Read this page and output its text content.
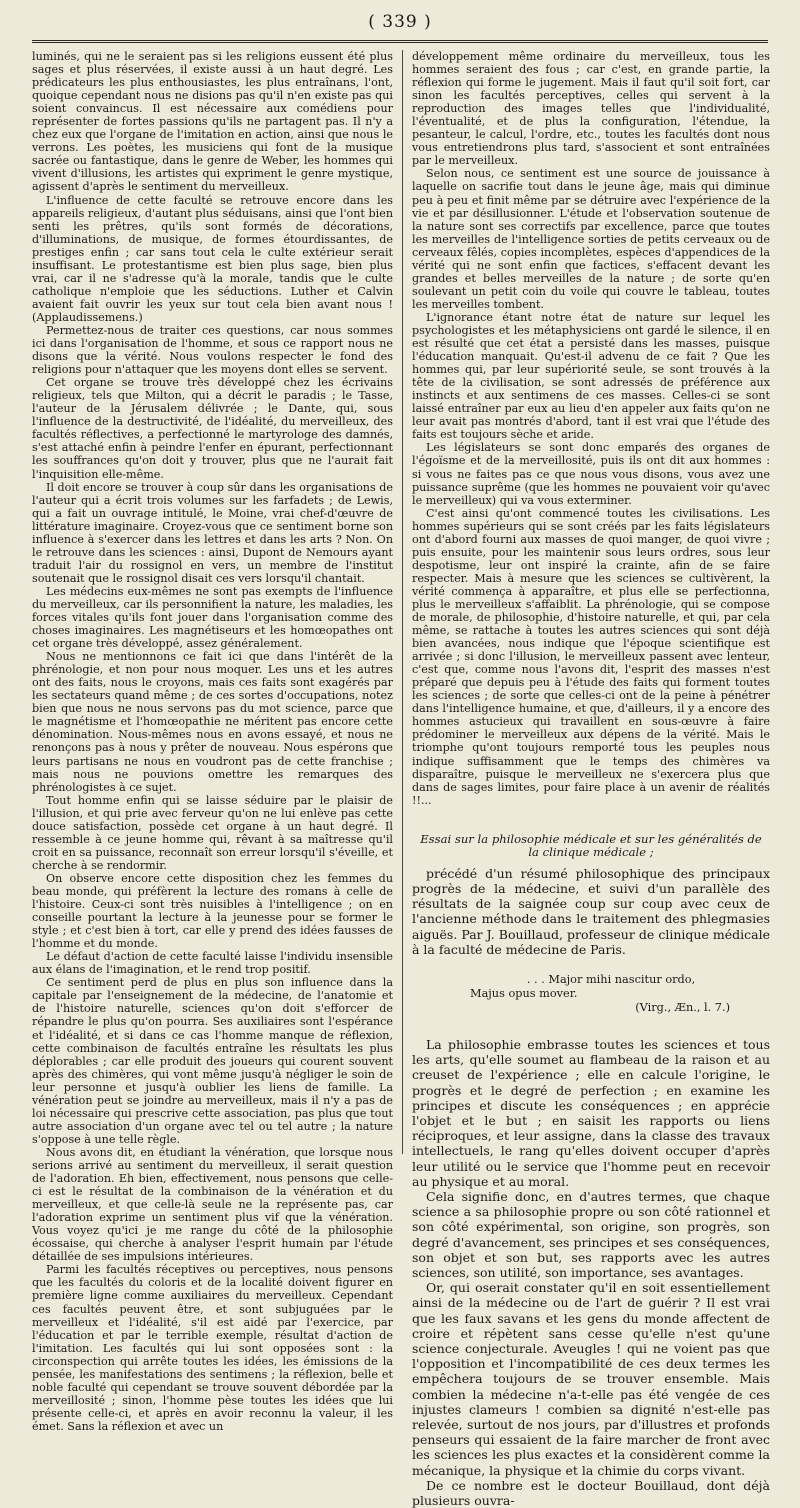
( 339 )

luminés, qui ne le seraient pas si les religions eussent été plus sages et plus réservées, il existe aussi à un haut degré. Les prédicateurs les plus enthousiastes, les plus entraînans, l'ont, quoique cependant nous ne disions pas qu'il n'en existe pas qui soient convaincus. Il est nécessaire aux comédiens pour représenter de fortes passions qu'ils ne partagent pas. Il n'y a chez eux que l'organe de l'imitation en action, ainsi que nous le verrons. Les poètes, les musiciens qui font de la musique sacrée ou fantastique, dans le genre de Weber, les hommes qui vivent d'illusions, les artistes qui expriment le genre mystique, agissent d'après le sentiment du merveilleux.

L'influence de cette faculté se retrouve encore dans les appareils religieux, d'autant plus séduisans, ainsi que l'ont bien senti les prêtres, qu'ils sont formés de décorations, d'illuminations, de musique, de formes étourdissantes, de prestiges enfin ; car sans tout cela le culte extérieur serait insuffisant. Le protestantisme est bien plus sage, bien plus vrai, car il ne s'adresse qu'à la morale, tandis que le culte catholique n'emploie que les séductions. Luther et Calvin avaient fait ouvrir les yeux sur tout cela bien avant nous ! (Applaudissemens.)

Permettez-nous de traiter ces questions, car nous sommes ici dans l'organisation de l'homme, et sous ce rapport nous ne disons que la vérité. Nous voulons respecter le fond des religions pour n'attaquer que les moyens dont elles se servent.

Cet organe se trouve très développé chez les écrivains religieux, tels que Milton, qui a décrit le paradis ; le Tasse, l'auteur de la Jérusalem délivrée ; le Dante, qui, sous l'influence de la destructivité, de l'idéalité, du merveilleux, des facultés réflectives, a perfectionné le martyrologe des damnés, s'est attaché enfin à peindre l'enfer en épurant, perfectionnant les souffrances qu'on doit y trouver, plus que ne l'aurait fait l'inquisition elle-même.

Il doit encore se trouver à coup sûr dans les organisations de l'auteur qui a écrit trois volumes sur les farfadets ; de Lewis, qui a fait un ouvrage intitulé, le Moine, vrai chef-d'œuvre de littérature imaginaire. Croyez-vous que ce sentiment borne son influence à s'exercer dans les lettres et dans les arts ? Non. On le retrouve dans les sciences : ainsi, Dupont de Nemours ayant traduit l'air du rossignol en vers, un membre de l'institut soutenait que le rossignol disait ces vers lorsqu'il chantait.

Les médecins eux-mêmes ne sont pas exempts de l'influence du merveilleux, car ils personnifient la nature, les maladies, les forces vitales qu'ils font jouer dans l'organisation comme des choses imaginaires. Les magnétiseurs et les homœopathes ont cet organe très développé, assez généralement.

Nous ne mentionnons ce fait ici que dans l'intérêt de la phrénologie, et non pour nous moquer. Les uns et les autres ont des faits, nous le croyons, mais ces faits sont exagérés par les sectateurs quand même ; de ces sortes d'occupations, notez bien que nous ne nous servons pas du mot science, parce que le magnétisme et l'homœopathie ne méritent pas encore cette dénomination. Nous-mêmes nous en avons essayé, et nous ne renonçons pas à nous y prêter de nouveau. Nous espérons que leurs partisans ne nous en voudront pas de cette franchise ; mais nous ne pouvions omettre les remarques des phrénologistes à ce sujet.

Tout homme enfin qui se laisse séduire par le plaisir de l'illusion, et qui prie avec ferveur qu'on ne lui enlève pas cette douce satisfaction, possède cet organe à un haut degré. Il ressemble à ce jeune homme qui, rêvant à sa maîtresse qu'il croit en sa puissance, reconnaît son erreur lorsqu'il s'éveille, et cherche à se rendormir.

On observe encore cette disposition chez les femmes du beau monde, qui préfèrent la lecture des romans à celle de l'histoire. Ceux-ci sont très nuisibles à l'intelligence ; on en conseille pourtant la lecture à la jeunesse pour se former le style ; et c'est bien à tort, car elle y prend des idées fausses de l'homme et du monde.

Le défaut d'action de cette faculté laisse l'individu insensible aux élans de l'imagination, et le rend trop positif.

Ce sentiment perd de plus en plus son influence dans la capitale par l'enseignement de la médecine, de l'anatomie et de l'histoire naturelle, sciences qu'on doit s'efforcer de répandre le plus qu'on pourra. Ses auxiliaires sont l'espérance et l'idéalité, et si dans ce cas l'homme manque de réflexion, cette combinaison de facultés entraîne les résultats les plus déplorables ; car elle produit des joueurs qui courent souvent après des chimères, qui vont même jusqu'à négliger le soin de leur personne et jusqu'à oublier les liens de famille. La vénération peut se joindre au merveilleux, mais il n'y a pas de loi nécessaire qui prescrive cette association, pas plus que tout autre association d'un organe avec tel ou tel autre ; la nature s'oppose à une telle règle.

Nous avons dit, en étudiant la vénération, que lorsque nous serions arrivé au sentiment du merveilleux, il serait question de l'adoration. Eh bien, effectivement, nous pensons que celle-ci est le résultat de la combinaison de la vénération et du merveilleux, et que celle-là seule ne la représente pas, car l'adoration exprime un sentiment plus vif que la vénération. Vous voyez qu'ici je me range du côté de la philosophie écossaise, qui cherche à analyser l'esprit humain par l'étude détaillée de ses impulsions intérieures.

Parmi les facultés réceptives ou perceptives, nous pensons que les facultés du coloris et de la localité doivent figurer en première ligne comme auxiliaires du merveilleux. Cependant ces facultés peuvent être, et sont subjuguées par le merveilleux et l'idéalité, s'il est aidé par l'exercice, par l'éducation et par le terrible exemple, résultat d'action de l'imitation. Les facultés qui lui sont opposées sont : la circonspection qui arrête toutes les idées, les émissions de la pensée, les manifestations des sentimens ; la réflexion, belle et noble faculté qui cependant se trouve souvent débordée par la merveillosité ; sinon, l'homme pèse toutes les idées que lui présente celle-ci, et après en avoir reconnu la valeur, il les émet. Sans la réflexion et avec un

développement même ordinaire du merveilleux, tous les hommes seraient des fous ; car c'est, en grande partie, la réflexion qui forme le jugement. Mais il faut qu'il soit fort, car sinon les facultés perceptives, celles qui servent à la reproduction des images telles que l'individualité, l'éventualité, et de plus la configuration, l'étendue, la pesanteur, le calcul, l'ordre, etc., toutes les facultés dont nous vous entretiendrons plus tard, s'associent et sont entraînées par le merveilleux.

Selon nous, ce sentiment est une source de jouissance à laquelle on sacrifie tout dans le jeune âge, mais qui diminue peu à peu et finit même par se détruire avec l'expérience de la vie et par désillusionner. L'étude et l'observation soutenue de la nature sont ses correctifs par excellence, parce que toutes les merveilles de l'intelligence sorties de petits cerveaux ou de cerveaux fêlés, copies incomplètes, espèces d'appendices de la vérité qui ne sont enfin que factices, s'effacent devant les grandes et belles merveilles de la nature ; de sorte qu'en soulevant un petit coin du voile qui couvre le tableau, toutes les merveilles tombent.

L'ignorance étant notre état de nature sur lequel les psychologistes et les métaphysiciens ont gardé le silence, il en est résulté que cet état a persisté dans les masses, puisque l'éducation manquait. Qu'est-il advenu de ce fait ? Que les hommes qui, par leur supériorité seule, se sont trouvés à la tête de la civilisation, se sont adressés de préférence aux instincts et aux sentimens de ces masses. Celles-ci se sont laissé entraîner par eux au lieu d'en appeler aux faits qu'on ne leur avait pas montrés d'abord, tant il est vrai que l'étude des faits est toujours sèche et aride.

Les législateurs se sont donc emparés des organes de l'égoïsme et de la merveillosité, puis ils ont dit aux hommes : si vous ne faites pas ce que nous vous disons, vous avez une puissance suprême (que les hommes ne pouvaient voir qu'avec le merveilleux) qui va vous exterminer.

C'est ainsi qu'ont commencé toutes les civilisations. Les hommes supérieurs qui se sont créés par les faits législateurs ont d'abord fourni aux masses de quoi manger, de quoi vivre ; puis ensuite, pour les maintenir sous leurs ordres, sous leur despotisme, leur ont inspiré la crainte, afin de se faire respecter. Mais à mesure que les sciences se cultivèrent, la vérité commença à apparaître, et plus elle se perfectionna, plus le merveilleux s'affaiblit. La phrénologie, qui se compose de morale, de philosophie, d'histoire naturelle, et qui, par cela même, se rattache à toutes les autres sciences qui sont déjà bien avancées, nous indique que l'époque scientifique est arrivée ; si donc l'illusion, le merveilleux passent avec lenteur, c'est que, comme nous l'avons dit, l'esprit des masses n'est préparé que depuis peu à l'étude des faits qui forment toutes les sciences ; de sorte que celles-ci ont de la peine à pénétrer dans l'intelligence humaine, et que, d'ailleurs, il y a encore des hommes astucieux qui travaillent en sous-œuvre à faire prédominer le merveilleux aux dépens de la vérité. Mais le triomphe qu'ont toujours remporté tous les peuples nous indique suffisamment que le temps des chimères va disparaître, puisque le merveilleux ne s'exercera plus que dans de sages limites, pour faire place à un avenir de réalités !!...

Essai sur la philosophie médicale et sur les généralités de la clinique médicale ;

précédé d'un résumé philosophique des principaux progrès de la médecine, et suivi d'un parallèle des résultats de la saignée coup sur coup avec ceux de l'ancienne méthode dans le traitement des phlegmasies aiguës. Par J. Bouillaud, professeur de clinique médicale à la faculté de médecine de Paris.

. . . Major mihi nascitur ordo,
Majus opus mover.
(Virg., Æn., l. 7.)

La philosophie embrasse toutes les sciences et tous les arts, qu'elle soumet au flambeau de la raison et au creuset de l'expérience ; elle en calcule l'origine, le progrès et le degré de perfection ; en examine les principes et discute les conséquences ; en apprécie l'objet et le but ; en saisit les rapports ou liens réciproques, et leur assigne, dans la classe des travaux intellectuels, le rang qu'elles doivent occuper d'après leur utilité ou le service que l'homme peut en recevoir au physique et au moral.

Cela signifie donc, en d'autres termes, que chaque science a sa philosophie propre ou son côté rationnel et son côté expérimental, son origine, son progrès, son degré d'avancement, ses principes et ses conséquences, son objet et son but, ses rapports avec les autres sciences, son utilité, son importance, ses avantages.

Or, qui oserait constater qu'il en soit essentiellement ainsi de la médecine ou de l'art de guérir ? Il est vrai que les faux savans et les gens du monde affectent de croire et répètent sans cesse qu'elle n'est qu'une science conjecturale. Aveugles ! qui ne voient pas que l'opposition et l'incompatibilité de ces deux termes les empêchera toujours de se trouver ensemble. Mais combien la médecine n'a-t-elle pas été vengée de ces injustes clameurs ! combien sa dignité n'est-elle pas relevée, surtout de nos jours, par d'illustres et profonds penseurs qui essaient de la faire marcher de front avec les sciences les plus exactes et la considèrent comme la mécanique, la physique et la chimie du corps vivant.

De ce nombre est le docteur Bouillaud, dont déjà plusieurs ouvra-
